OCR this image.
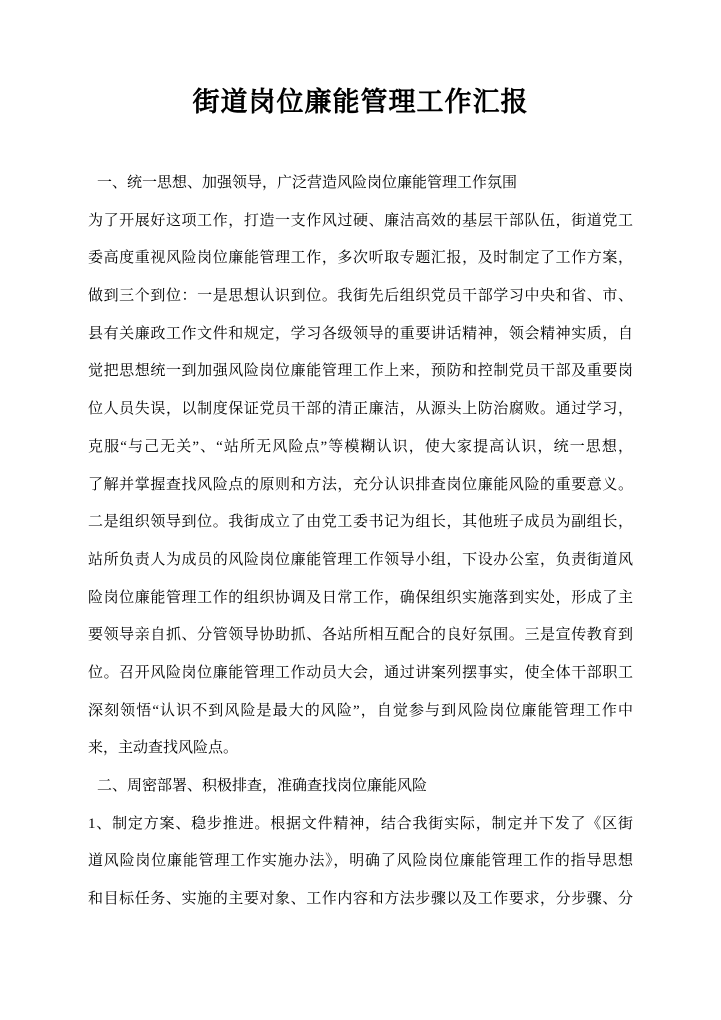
街道岗位廉能管理工作汇报
一、统一思想、加强领导，广泛营造风险岗位廉能管理工作氛围
为了开展好这项工作，打造一支作风过硬、廉洁高效的基层干部队伍，街道党工
委高度重视风险岗位廉能管理工作，多次听取专题汇报，及时制定了工作方案，
做到三个到位：一是思想认识到位。我街先后组织党员干部学习中央和省、市、
县有关廉政工作文件和规定，学习各级领导的重要讲话精神，领会精神实质，自
觉把思想统一到加强风险岗位廉能管理工作上来，预防和控制党员干部及重要岗
位人员失误，以制度保证党员干部的清正廉洁，从源头上防治腐败。通过学习，
克服“与己无关”、“站所无风险点”等模糊认识，使大家提高认识，统一思想，
了解并掌握查找风险点的原则和方法，充分认识排查岗位廉能风险的重要意义。
二是组织领导到位。我街成立了由党工委书记为组长，其他班子成员为副组长，
站所负责人为成员的风险岗位廉能管理工作领导小组，下设办公室，负责街道风
险岗位廉能管理工作的组织协调及日常工作，确保组织实施落到实处，形成了主
要领导亲自抓、分管领导协助抓、各站所相互配合的良好氛围。三是宣传教育到
位。召开风险岗位廉能管理工作动员大会，通过讲案列摆事实，使全体干部职工
深刻领悟“认识不到风险是最大的风险”，自觉参与到风险岗位廉能管理工作中
来，主动查找风险点。
二、周密部署、积极排查，准确查找岗位廉能风险
1、制定方案、稳步推进。根据文件精神，结合我街实际，制定并下发了《区街
道风险岗位廉能管理工作实施办法》，明确了风险岗位廉能管理工作的指导思想
和目标任务、实施的主要对象、工作内容和方法步骤以及工作要求，分步骤、分
